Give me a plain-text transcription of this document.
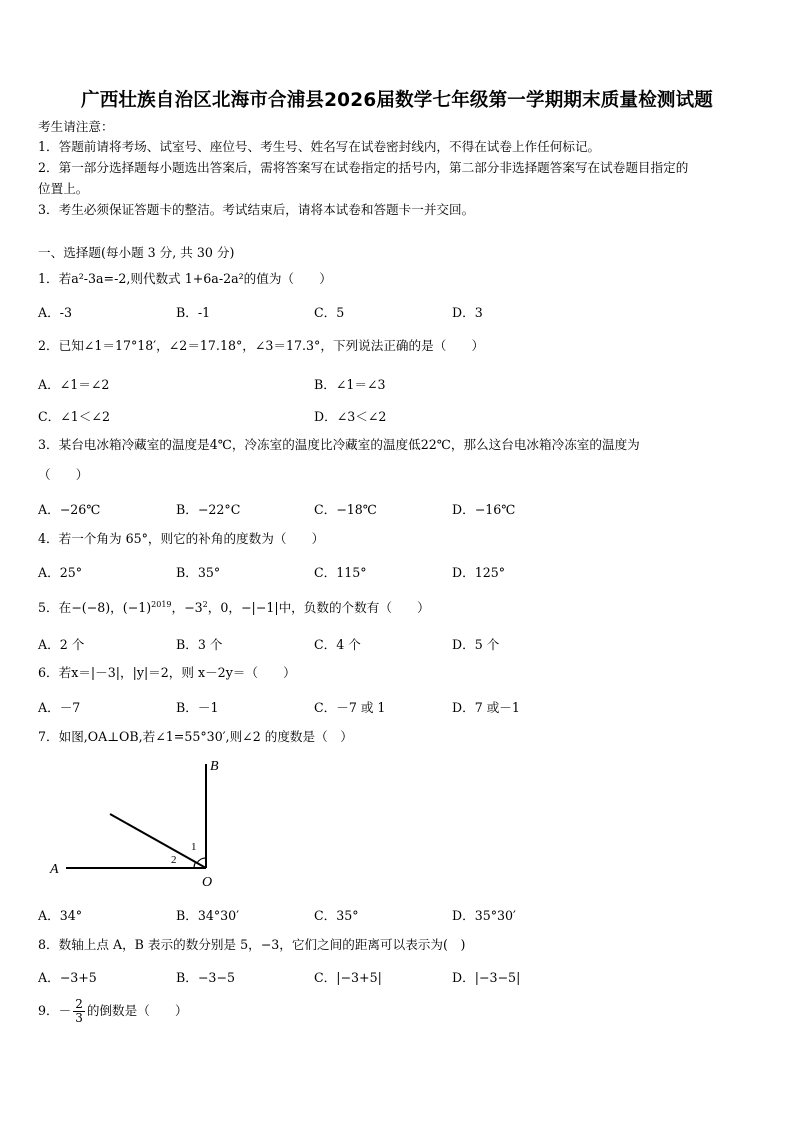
广西壮族自治区北海市合浦县2026届数学七年级第一学期期末质量检测试题
考生请注意：
1．答题前请将考场、试室号、座位号、考生号、姓名写在试卷密封线内，不得在试卷上作任何标记。
2．第一部分选择题每小题选出答案后，需将答案写在试卷指定的括号内，第二部分非选择题答案写在试卷题目指定的
位置上。
3．考生必须保证答题卡的整洁。考试结束后，请将本试卷和答题卡一并交回。
一、选择题(每小题 3 分, 共 30 分)
1．若a²-3a=-2,则代数式 1+6a-2a²的值为（　　）
A．-3	B．-1	C．5	D．3
2．已知∠1＝17°18′，∠2＝17.18°，∠3＝17.3°，下列说法正确的是（　　）
A．∠1＝∠2	B．∠1＝∠3
C．∠1＜∠2	D．∠3＜∠2
3．某台电冰箱冷藏室的温度是4℃，冷冻室的温度比冷藏室的温度低22℃，那么这台电冰箱冷冻室的温度为
（　　）
A．−26℃	B．−22°C	C．−18℃	D．−16℃
4．若一个角为 65°，则它的补角的度数为（　　）
A．25°	B．35°	C．115°	D．125°
5．在−(−8)，$(-1)^{2019}$，$-3^2$，0，−|−1|中，负数的个数有（　　）
A．2 个	B．3 个	C．4 个	D．5 个
6．若x＝|－3|，|y|＝2，则 x－2y＝（　　）
A．－7	B．－1	C．－7 或 1	D．7 或－1
7．如图,OA⊥OB,若∠1=55°30′,则∠2 的度数是（　）
B
A
O
1
2
A．34°	B．34°30′	C．35°	D．35°30′
8．数轴上点 A，B 表示的数分别是 5，−3，它们之间的距离可以表示为(　)
A．−3+5	B．−3−5	C．|−3+5|	D．|−3−5|
9．－ $\frac{2}{3}$ 的倒数是（　　）
